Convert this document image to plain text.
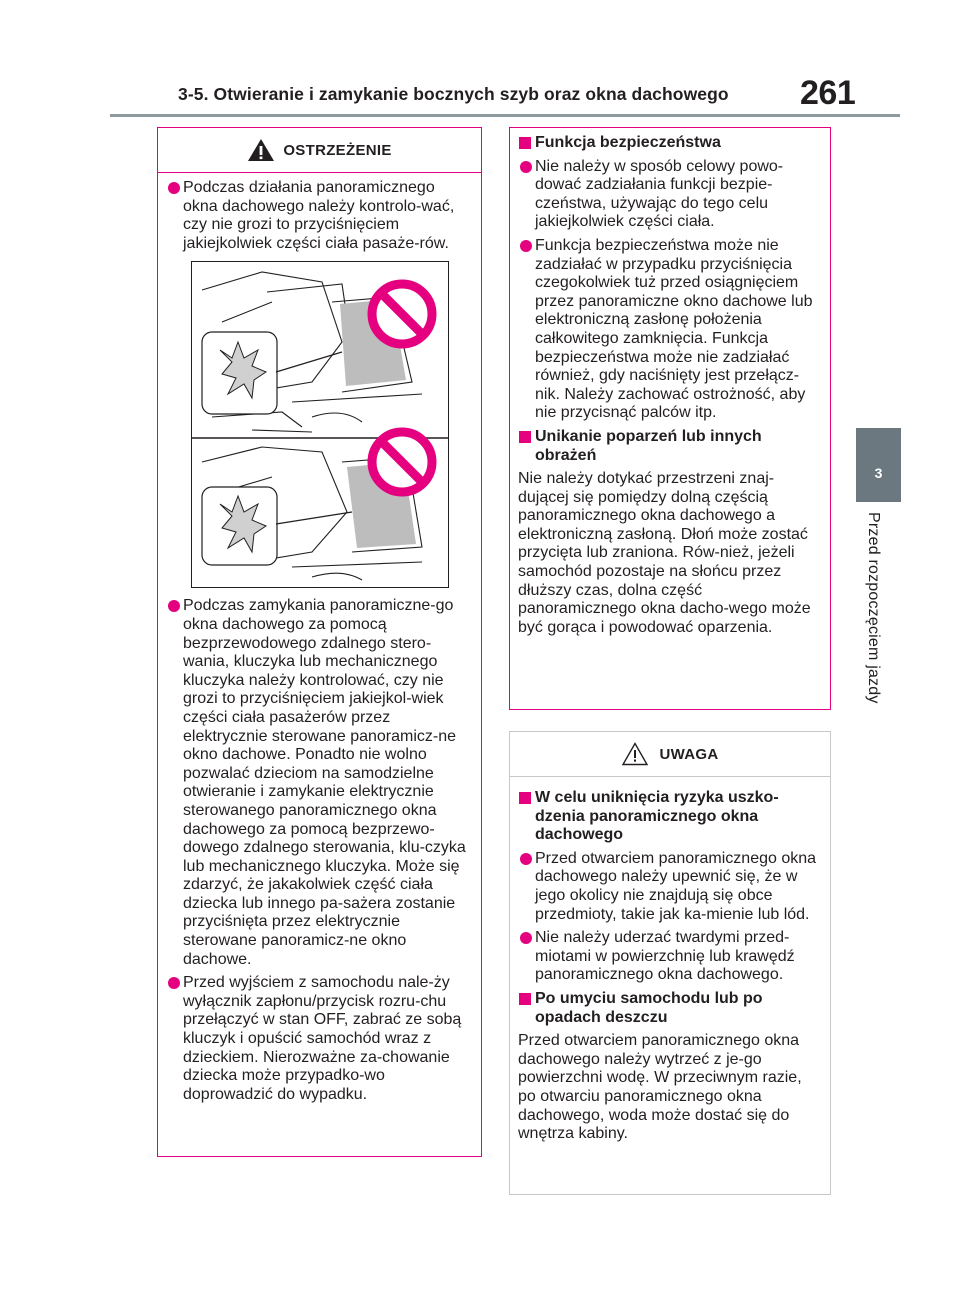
3-5. Otwieranie i zamykanie bocznych szyb oraz okna dachowego 261
3
Przed rozpoczęciem jazdy
OSTRZEŻENIE

Podczas działania panoramicznego okna dachowego należy kontrolo-wać, czy nie grozi to przyciśnięciem jakiejkolwiek części ciała pasaże-rów.

Podczas zamykania panoramiczne-go okna dachowego za pomocą bezprzewodowego zdalnego stero-wania, kluczyka lub mechanicznego kluczyka należy kontrolować, czy nie grozi to przyciśnięciem jakiejkol-wiek części ciała pasażerów przez elektrycznie sterowane panoramicz-ne okno dachowe. Ponadto nie wolno pozwalać dzieciom na samodzielne otwieranie i zamykanie elektrycznie sterowanego panoramicznego okna dachowego za pomocą bezprzewo-dowego zdalnego sterowania, klu-czyka lub mechanicznego kluczyka. Może się zdarzyć, że jakakolwiek część ciała dziecka lub innego pa-sażera zostanie przyciśnięta przez elektrycznie sterowane panoramicz-ne okno dachowe.

Przed wyjściem z samochodu nale-ży wyłącznik zapłonu/przycisk rozru-chu przełączyć w stan OFF, zabrać ze sobą kluczyk i opuścić samochód wraz z dzieckiem. Nierozważne za-chowanie dziecka może przypadko-wo doprowadzić do wypadku.

Funkcja bezpieczeństwa

Nie należy w sposób celowy powo-dować zadziałania funkcji bezpie-czeństwa, używając do tego celu jakiejkolwiek części ciała.

Funkcja bezpieczeństwa może nie zadziałać w przypadku przyciśnięcia czegokolwiek tuż przed osiągnięciem przez panoramiczne okno dachowe lub elektroniczną zasłonę położenia całkowitego zamknięcia. Funkcja bezpieczeństwa może nie zadziałać również, gdy naciśnięty jest przełącz-nik. Należy zachować ostrożność, aby nie przycisnąć palców itp.

Unikanie poparzeń lub innych obrażeń

Nie należy dotykać przestrzeni znaj-dującej się pomiędzy dolną częścią panoramicznego okna dachowego a elektroniczną zasłoną. Dłoń może zostać przycięta lub zraniona. Rów-nież, jeżeli samochód pozostaje na słońcu przez dłuższy czas, dolna część panoramicznego okna dacho-wego może być gorąca i powodować oparzenia.

UWAGA

W celu uniknięcia ryzyka uszko-dzenia panoramicznego okna dachowego

Przed otwarciem panoramicznego okna dachowego należy upewnić się, że w jego okolicy nie znajdują się obce przedmioty, takie jak ka-mienie lub lód.

Nie należy uderzać twardymi przed-miotami w powierzchnię lub krawędź panoramicznego okna dachowego.

Po umyciu samochodu lub po opadach deszczu

Przed otwarciem panoramicznego okna dachowego należy wytrzeć z je-go powierzchni wodę. W przeciwnym razie, po otwarciu panoramicznego okna dachowego, woda może dostać się do wnętrza kabiny.
